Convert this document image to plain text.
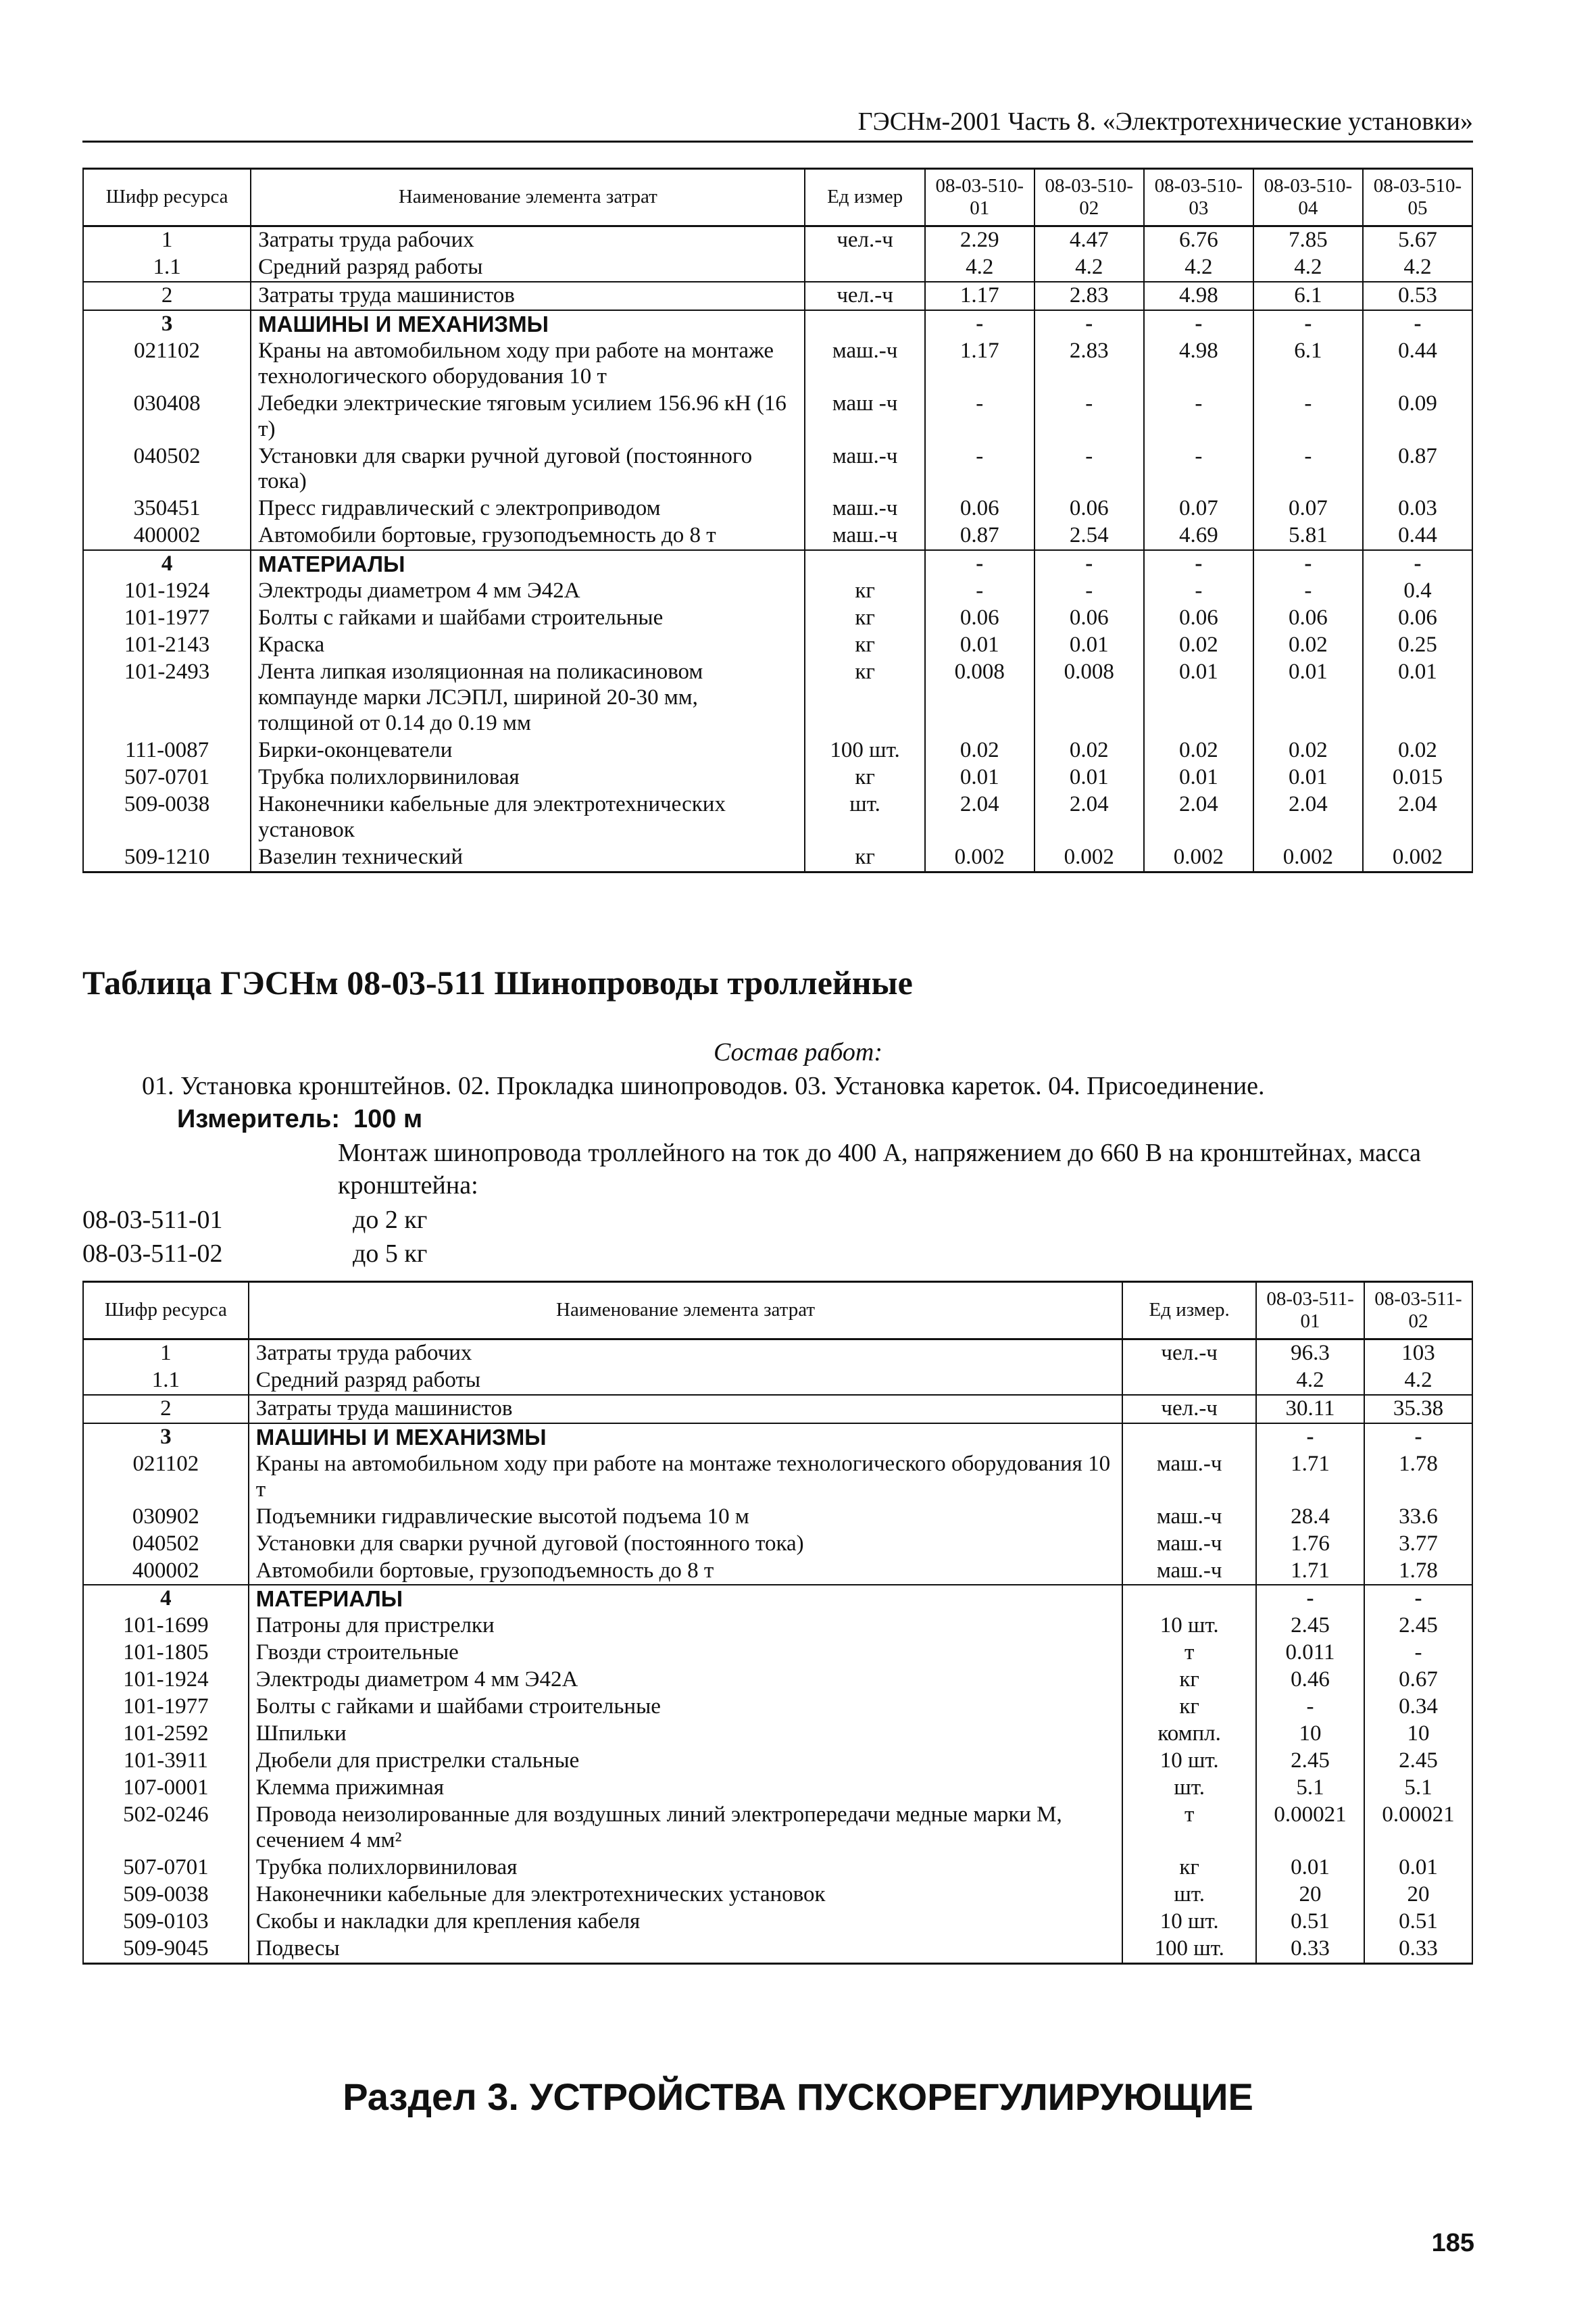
ГЭСНм-2001 Часть 8. «Электротехнические установки»
Шифр ресурса	Наименование элемента затрат	Ед измер	08-03-510-01	08-03-510-02	08-03-510-03	08-03-510-04	08-03-510-05
1	Затраты труда рабочих	чел.-ч	2.29	4.47	6.76	7.85	5.67
1.1	Средний разряд работы		4.2	4.2	4.2	4.2	4.2
2	Затраты труда машинистов	чел.-ч	1.17	2.83	4.98	6.1	0.53
3	МАШИНЫ И МЕХАНИЗМЫ		-	-	-	-	-
021102	Краны на автомобильном ходу при работе на монтаже технологического оборудования 10 т	маш.-ч	1.17	2.83	4.98	6.1	0.44
030408	Лебедки электрические тяговым усилием 156.96 кН (16 т)	маш -ч	-	-	-	-	0.09
040502	Установки для сварки ручной дуговой (постоянного тока)	маш.-ч	-	-	-	-	0.87
350451	Пресс гидравлический с электроприводом	маш.-ч	0.06	0.06	0.07	0.07	0.03
400002	Автомобили бортовые, грузоподъемность до 8 т	маш.-ч	0.87	2.54	4.69	5.81	0.44
4	МАТЕРИАЛЫ		-	-	-	-	-
101-1924	Электроды диаметром 4 мм Э42А	кг	-	-	-	-	0.4
101-1977	Болты с гайками и шайбами строительные	кг	0.06	0.06	0.06	0.06	0.06
101-2143	Краска	кг	0.01	0.01	0.02	0.02	0.25
101-2493	Лента липкая изоляционная на поликасиновом компаунде марки ЛСЭПЛ, шириной 20-30 мм, толщиной от 0.14 до 0.19 мм	кг	0.008	0.008	0.01	0.01	0.01
111-0087	Бирки-оконцеватели	100 шт.	0.02	0.02	0.02	0.02	0.02
507-0701	Трубка полихлорвиниловая	кг	0.01	0.01	0.01	0.01	0.015
509-0038	Наконечники кабельные для электротехнических установок	шт.	2.04	2.04	2.04	2.04	2.04
509-1210	Вазелин технический	кг	0.002	0.002	0.002	0.002	0.002
Таблица ГЭСНм 08-03-511 Шинопроводы троллейные
Состав работ:
01. Установка кронштейнов. 02. Прокладка шинопроводов. 03. Установка кареток. 04. Присоединение.
Измеритель: 100 м
Монтаж шинопровода троллейного на ток до 400 А, напряжением до 660 В на кронштейнах, масса кронштейна:
08-03-511-01	до 2 кг
08-03-511-02	до 5 кг
Шифр ресурса	Наименование элемента затрат	Ед измер.	08-03-511-01	08-03-511-02
1	Затраты труда рабочих	чел.-ч	96.3	103
1.1	Средний разряд работы		4.2	4.2
2	Затраты труда машинистов	чел.-ч	30.11	35.38
3	МАШИНЫ И МЕХАНИЗМЫ		-	-
021102	Краны на автомобильном ходу при работе на монтаже технологического оборудования 10 т	маш.-ч	1.71	1.78
030902	Подъемники гидравлические высотой подъема 10 м	маш.-ч	28.4	33.6
040502	Установки для сварки ручной дуговой (постоянного тока)	маш.-ч	1.76	3.77
400002	Автомобили бортовые, грузоподъемность до 8 т	маш.-ч	1.71	1.78
4	МАТЕРИАЛЫ		-	-
101-1699	Патроны для пристрелки	10 шт.	2.45	2.45
101-1805	Гвозди строительные	т	0.011	-
101-1924	Электроды диаметром 4 мм Э42А	кг	0.46	0.67
101-1977	Болты с гайками и шайбами строительные	кг	-	0.34
101-2592	Шпильки	компл.	10	10
101-3911	Дюбели для пристрелки стальные	10 шт.	2.45	2.45
107-0001	Клемма прижимная	шт.	5.1	5.1
502-0246	Провода неизолированные для воздушных линий электропередачи медные марки М, сечением 4 мм²	т	0.00021	0.00021
507-0701	Трубка полихлорвиниловая	кг	0.01	0.01
509-0038	Наконечники кабельные для электротехнических установок	шт.	20	20
509-0103	Скобы и накладки для крепления кабеля	10 шт.	0.51	0.51
509-9045	Подвесы	100 шт.	0.33	0.33
Раздел 3. УСТРОЙСТВА ПУСКОРЕГУЛИРУЮЩИЕ
185
